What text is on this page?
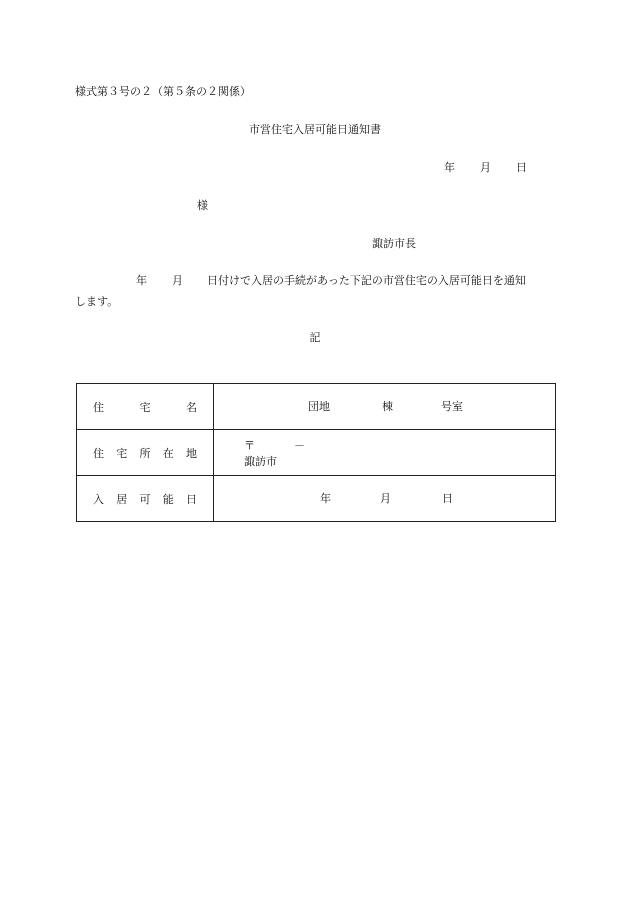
様式第３号の２（第５条の２関係）
市営住宅入居可能日通知書
年 月 日
様
諏訪市長
年 月 日付けで入居の手続があった下記の市営住宅の入居可能日を通知
します。
記
住 宅 名	団地 棟 号室

住 宅 所 在 地	〒 －
諏訪市

入 居 可 能 日	年 月 日
